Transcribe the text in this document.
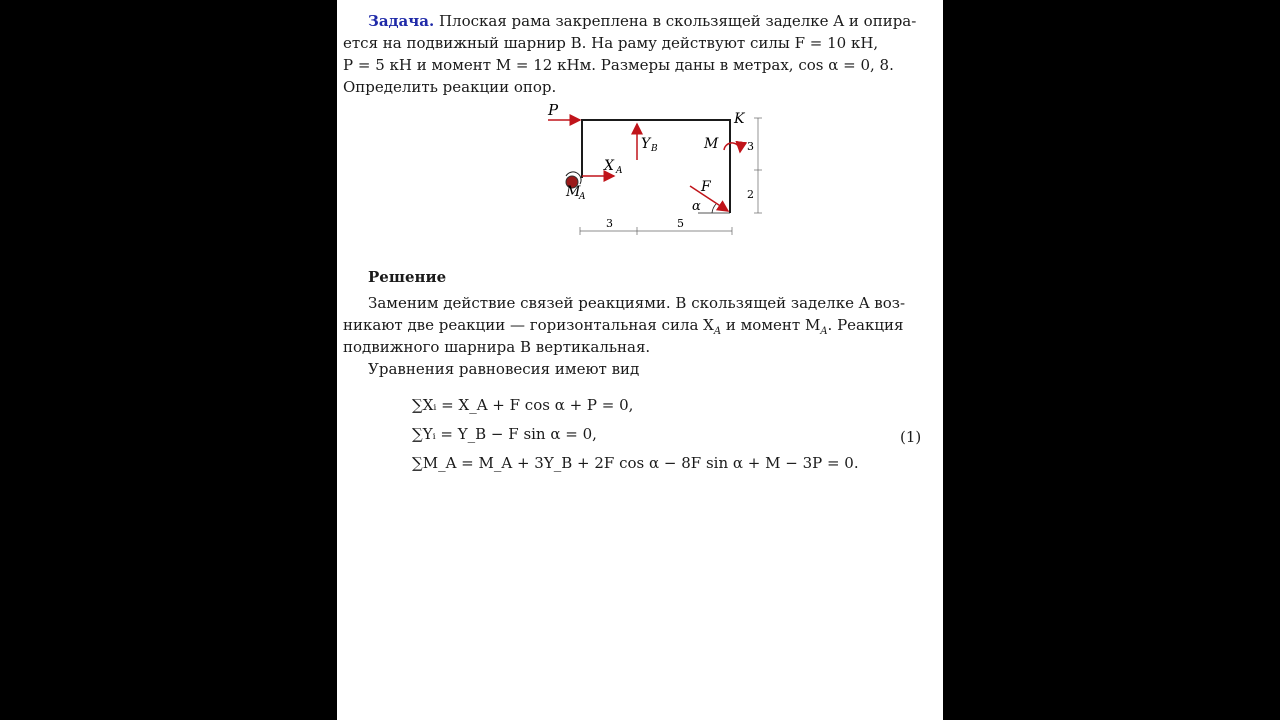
Задача. Плоская рама закреплена в скользящей заделке A и опира-
ется на подвижный шарнир B. На раму действуют силы F = 10 кН,
P = 5 кН и момент M = 12 кНм. Размеры даны в метрах, cos α = 0, 8.
Определить реакции опор.
P	K
Y B
X A
M
A
M
F
α
3
2
3	5
Решение
Заменим действие связей реакциями. В скользящей заделке A воз-
никают две реакции — горизонтальная сила $X_A$ и момент $M_A$. Реакция
подвижного шарнира B вертикальная.
Уравнения равновесия имеют вид
∑Xᵢ = X_A + F cos α + P = 0,
∑Yᵢ = Y_B − F sin α = 0,
∑M_A = M_A + 3Y_B + 2F cos α − 8F sin α + M − 3P = 0.
(1)
